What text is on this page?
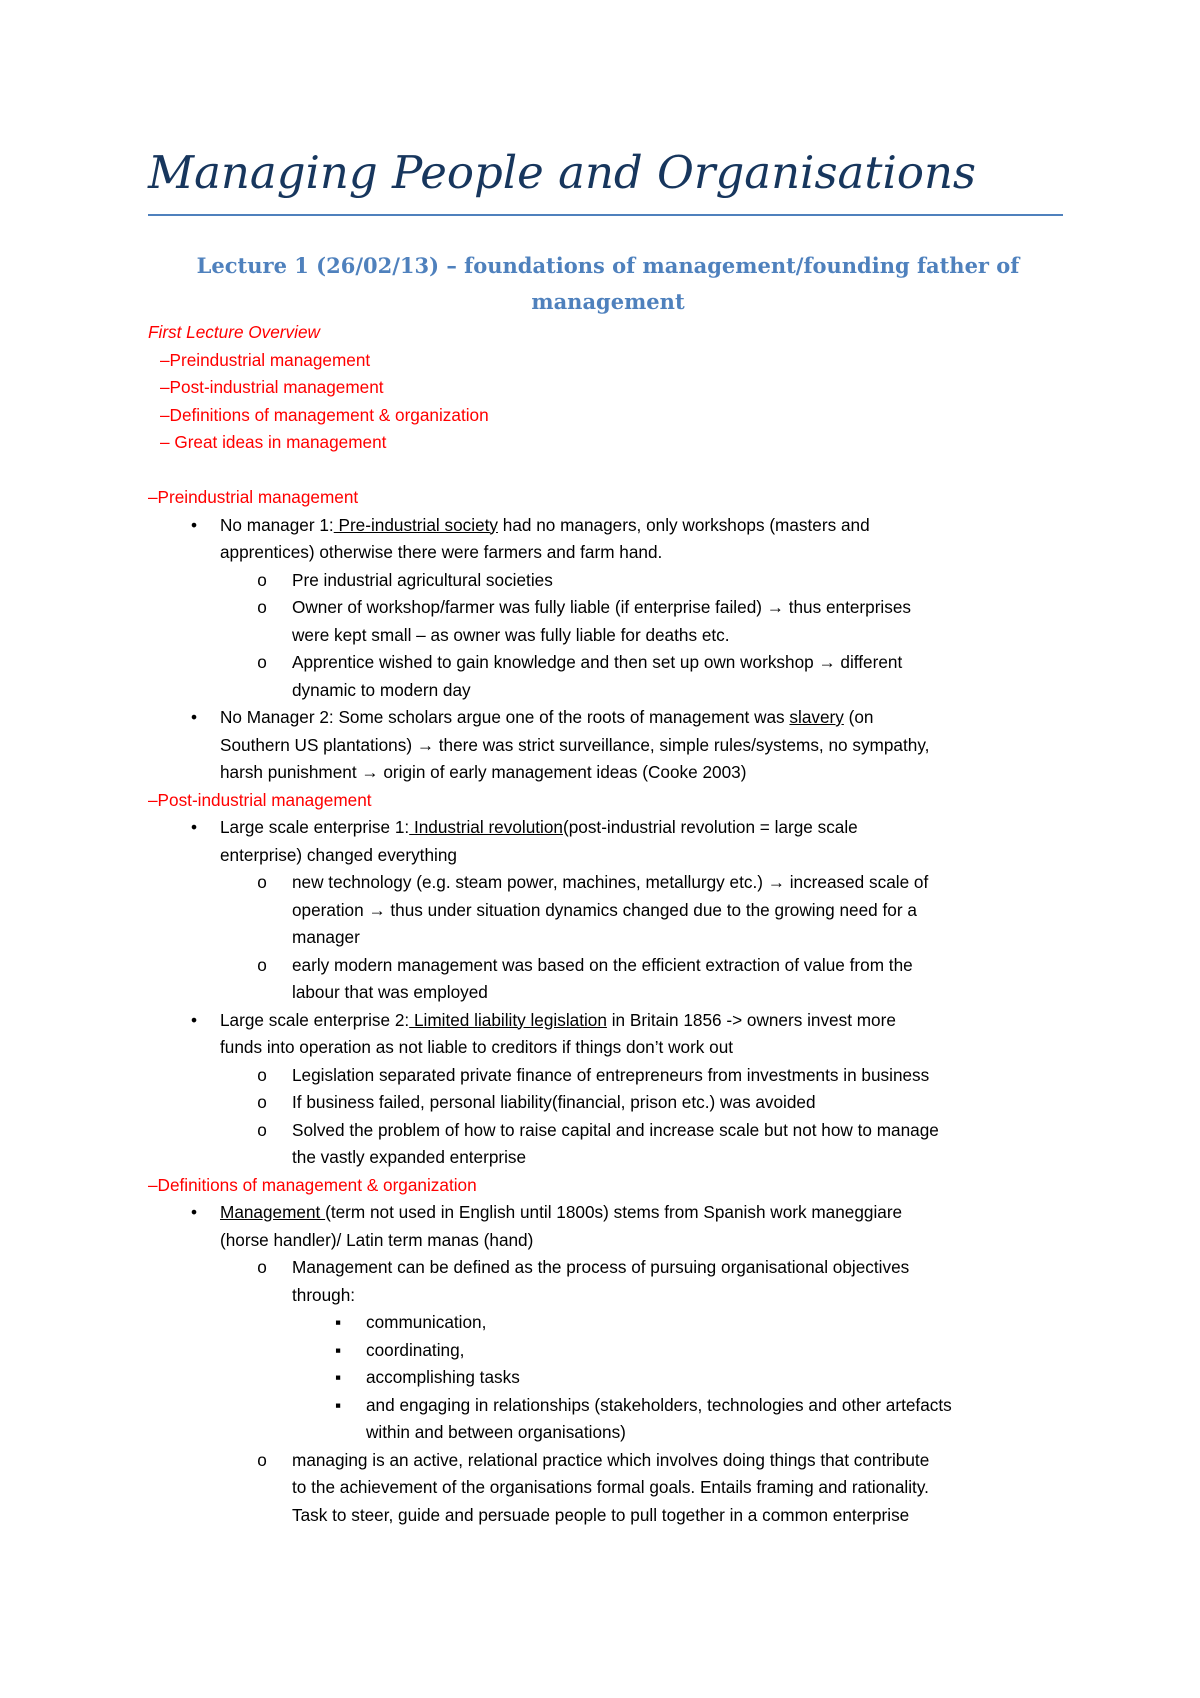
Managing People and Organisations
Lecture 1 (26/02/13) – foundations of management/founding father of
management
First Lecture Overview
–Preindustrial management
–Post-industrial management
–Definitions of management & organization
– Great ideas in management
–Preindustrial management
•	No manager 1: Pre-industrial society had no managers, only workshops (masters and
apprentices) otherwise there were farmers and farm hand.
o	Pre industrial agricultural societies
o	Owner of workshop/farmer was fully liable (if enterprise failed) → thus enterprises
were kept small – as owner was fully liable for deaths etc.
o	Apprentice wished to gain knowledge and then set up own workshop → different
dynamic to modern day
•	No Manager 2: Some scholars argue one of the roots of management was slavery (on
Southern US plantations) → there was strict surveillance, simple rules/systems, no sympathy,
harsh punishment → origin of early management ideas (Cooke 2003)
–Post-industrial management
•	Large scale enterprise 1: Industrial revolution(post-industrial revolution = large scale
enterprise) changed everything
o	new technology (e.g. steam power, machines, metallurgy etc.) → increased scale of
operation → thus under situation dynamics changed due to the growing need for a
manager
o	early modern management was based on the efficient extraction of value from the
labour that was employed
•	Large scale enterprise 2: Limited liability legislation in Britain 1856 -> owners invest more
funds into operation as not liable to creditors if things don’t work out
o	Legislation separated private finance of entrepreneurs from investments in business
o	If business failed, personal liability(financial, prison etc.) was avoided
o	Solved the problem of how to raise capital and increase scale but not how to manage
the vastly expanded enterprise
–Definitions of management & organization
•	Management (term not used in English until 1800s) stems from Spanish work maneggiare
(horse handler)/ Latin term manas (hand)
o	Management can be defined as the process of pursuing organisational objectives
through:
▪	communication,
▪	coordinating,
▪	accomplishing tasks
▪	and engaging in relationships (stakeholders, technologies and other artefacts
within and between organisations)
o	managing is an active, relational practice which involves doing things that contribute
to the achievement of the organisations formal goals. Entails framing and rationality.
Task to steer, guide and persuade people to pull together in a common enterprise
